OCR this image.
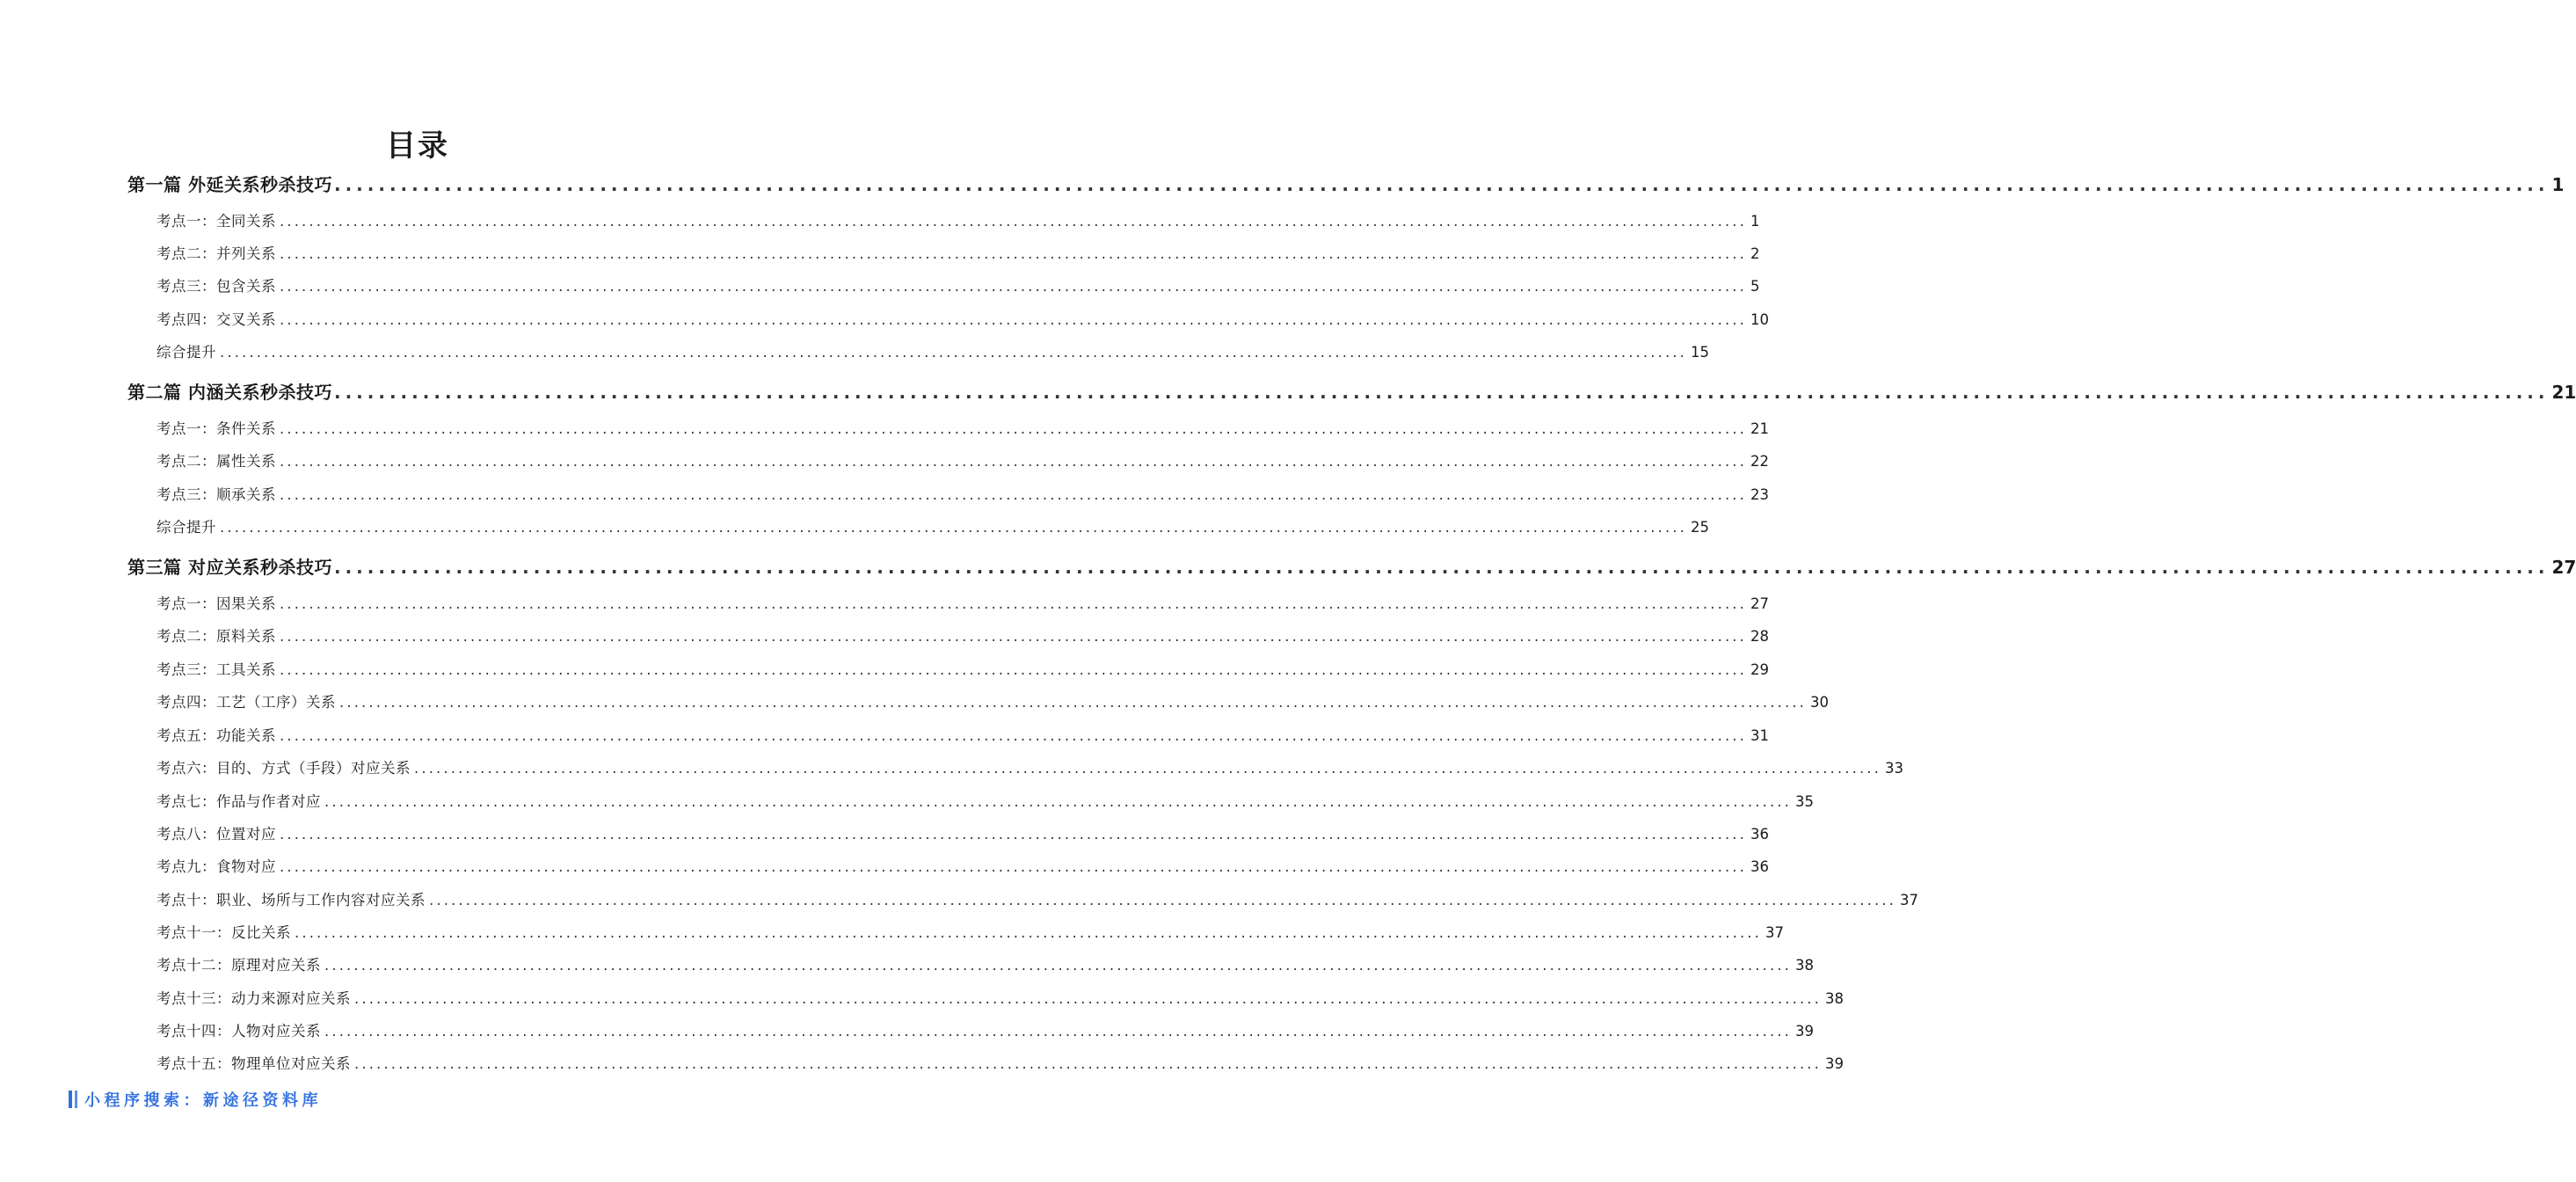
目录
第一篇 外延关系秒杀技巧 ........................................................................................................................................................................................................ 1
考点一：全同关系 ........................................................................................................................................................................................................ 1
考点二：并列关系 ........................................................................................................................................................................................................ 2
考点三：包含关系 ........................................................................................................................................................................................................ 5
考点四：交叉关系 ........................................................................................................................................................................................................ 10
综合提升 ........................................................................................................................................................................................................ 15
第二篇 内涵关系秒杀技巧 ........................................................................................................................................................................................................ 21
考点一：条件关系 ........................................................................................................................................................................................................ 21
考点二：属性关系 ........................................................................................................................................................................................................ 22
考点三：顺承关系 ........................................................................................................................................................................................................ 23
综合提升 ........................................................................................................................................................................................................ 25
第三篇 对应关系秒杀技巧 ........................................................................................................................................................................................................ 27
考点一：因果关系 ........................................................................................................................................................................................................ 27
考点二：原料关系 ........................................................................................................................................................................................................ 28
考点三：工具关系 ........................................................................................................................................................................................................ 29
考点四：工艺（工序）关系 ........................................................................................................................................................................................................ 30
考点五：功能关系 ........................................................................................................................................................................................................ 31
考点六：目的、方式（手段）对应关系 ........................................................................................................................................................................................................ 33
考点七：作品与作者对应 ........................................................................................................................................................................................................ 35
考点八：位置对应 ........................................................................................................................................................................................................ 36
考点九：食物对应 ........................................................................................................................................................................................................ 36
考点十：职业、场所与工作内容对应关系 ........................................................................................................................................................................................................ 37
考点十一：反比关系 ........................................................................................................................................................................................................ 37
考点十二：原理对应关系 ........................................................................................................................................................................................................ 38
考点十三：动力来源对应关系 ........................................................................................................................................................................................................ 38
考点十四：人物对应关系 ........................................................................................................................................................................................................ 39
考点十五：物理单位对应关系 ........................................................................................................................................................................................................ 39
小程序搜索：新途径资料库
